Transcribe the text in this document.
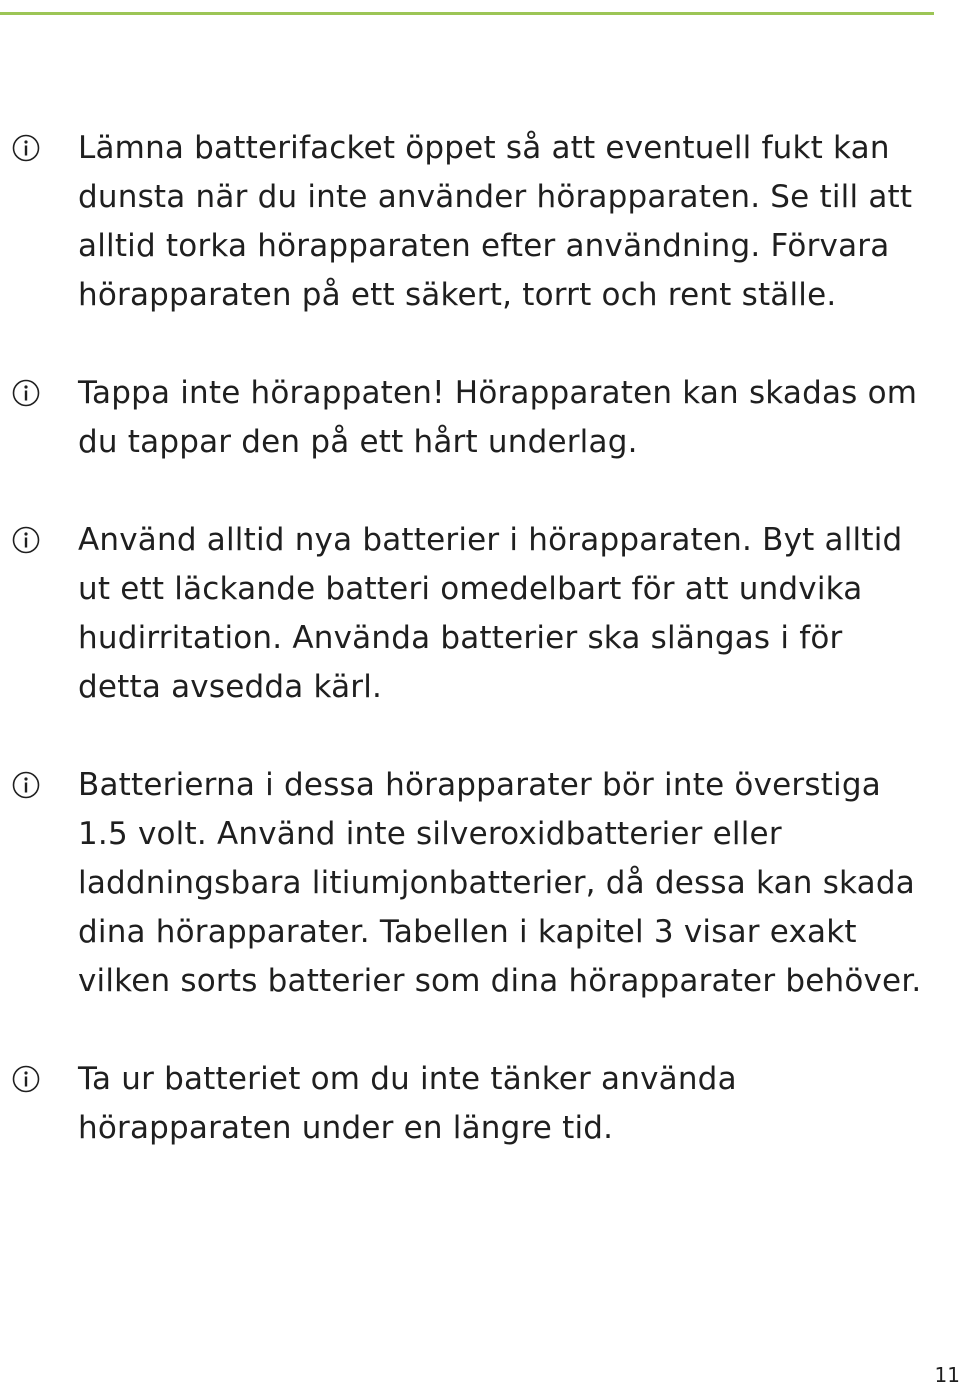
Lämna batterifacket öppet så att eventuell fukt kan
dunsta när du inte använder hörapparaten. Se till att
alltid torka hörapparaten efter användning. Förvara
hörapparaten på ett säkert, torrt och rent ställe.
Tappa inte hörappaten! Hörapparaten kan skadas om
du tappar den på ett hårt underlag.
Använd alltid nya batterier i hörapparaten. Byt alltid
ut ett läckande batteri omedelbart för att undvika
hudirritation. Använda batterier ska slängas i för
detta avsedda kärl.
Batterierna i dessa hörapparater bör inte överstiga
1.5 volt. Använd inte silveroxidbatterier eller
laddningsbara litiumjonbatterier, då dessa kan skada
dina hörapparater. Tabellen i kapitel 3 visar exakt
vilken sorts batterier som dina hörapparater behöver.
Ta ur batteriet om du inte tänker använda
hörapparaten under en längre tid.
11
